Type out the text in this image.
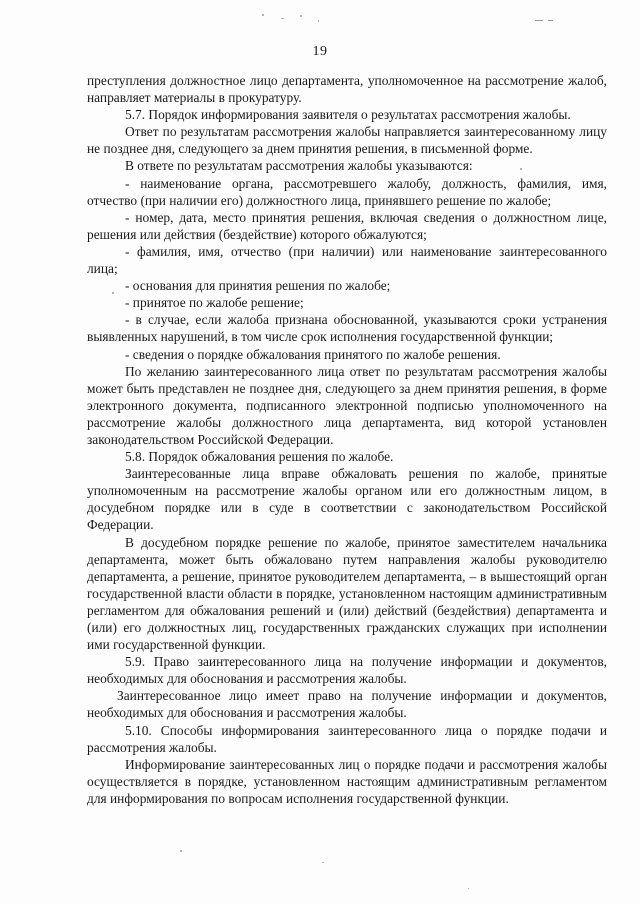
19

преступления должностное лицо департамента, уполномоченное на рассмотрение жалоб, направляет материалы в прокуратуру.

5.7. Порядок информирования заявителя о результатах рассмотрения жалобы.

Ответ по результатам рассмотрения жалобы направляется заинтересованному лицу не позднее дня, следующего за днем принятия решения, в письменной форме.

В ответе по результатам рассмотрения жалобы указываются:

- наименование органа, рассмотревшего жалобу, должность, фамилия, имя, отчество (при наличии его) должностного лица, принявшего решение по жалобе;

- номер, дата, место принятия решения, включая сведения о должностном лице, решения или действия (бездействие) которого обжалуются;

- фамилия, имя, отчество (при наличии) или наименование заинтересованного лица;

- основания для принятия решения по жалобе;

- принятое по жалобе решение;

- в случае, если жалоба признана обоснованной, указываются сроки устранения выявленных нарушений, в том числе срок исполнения государственной функции;

- сведения о порядке обжалования принятого по жалобе решения.

По желанию заинтересованного лица ответ по результатам рассмотрения жалобы может быть представлен не позднее дня, следующего за днем принятия решения, в форме электронного документа, подписанного электронной подписью уполномоченного на рассмотрение жалобы должностного лица департамента, вид которой установлен законодательством Российской Федерации.

5.8. Порядок обжалования решения по жалобе.

Заинтересованные лица вправе обжаловать решения по жалобе, принятые уполномоченным на рассмотрение жалобы органом или его должностным лицом, в досудебном порядке или в суде в соответствии с законодательством Российской Федерации.

В досудебном порядке решение по жалобе, принятое заместителем начальника департамента, может быть обжаловано путем направления жалобы руководителю департамента, а решение, принятое руководителем департамента, – в вышестоящий орган государственной власти области в порядке, установленном настоящим административным регламентом для обжалования решений и (или) действий (бездействия) департамента и (или) его должностных лиц, государственных гражданских служащих при исполнении ими государственной функции.

5.9. Право заинтересованного лица на получение информации и документов, необходимых для обоснования и рассмотрения жалобы.

Заинтересованное лицо имеет право на получение информации и документов, необходимых для обоснования и рассмотрения жалобы.

5.10. Способы информирования заинтересованного лица о порядке подачи и рассмотрения жалобы.

Информирование заинтересованных лиц о порядке подачи и рассмотрения жалобы осуществляется в порядке, установленном настоящим административным регламентом для информирования по вопросам исполнения государственной функции.
